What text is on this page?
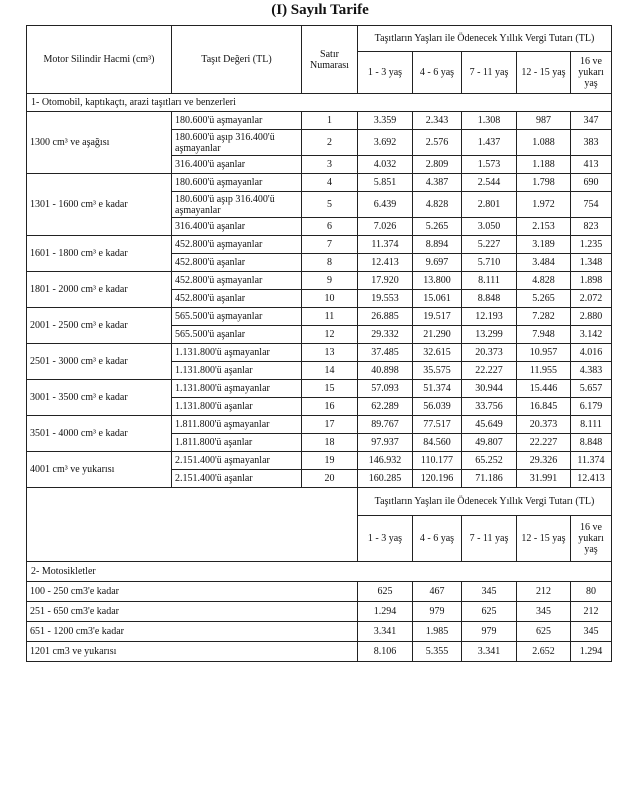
(I) Sayılı Tarife
Motor Silindir Hacmi (cm³)	Taşıt Değeri (TL)	Satır Numarası	Taşıtların Yaşları ile Ödenecek Yıllık Vergi Tutarı (TL)				
			1 - 3 yaş	4 - 6 yaş	7 - 11 yaş	12 - 15 yaş	16 ve yukarı yaş
1- Otomobil, kaptıkaçtı, arazi taşıtları ve benzerleri							
1300 cm³ ve aşağısı	180.600'ü aşmayanlar	1	3.359	2.343	1.308	987	347
	180.600'ü aşıp 316.400'ü aşmayanlar	2	3.692	2.576	1.437	1.088	383
	316.400'ü aşanlar	3	4.032	2.809	1.573	1.188	413
1301 - 1600 cm³ e kadar	180.600'ü aşmayanlar	4	5.851	4.387	2.544	1.798	690
	180.600'ü aşıp 316.400'ü aşmayanlar	5	6.439	4.828	2.801	1.972	754
	316.400'ü aşanlar	6	7.026	5.265	3.050	2.153	823
1601 - 1800 cm³ e kadar	452.800'ü aşmayanlar	7	11.374	8.894	5.227	3.189	1.235
	452.800'ü aşanlar	8	12.413	9.697	5.710	3.484	1.348
1801 - 2000 cm³ e kadar	452.800'ü aşmayanlar	9	17.920	13.800	8.111	4.828	1.898
	452.800'ü aşanlar	10	19.553	15.061	8.848	5.265	2.072
2001 - 2500 cm³ e kadar	565.500'ü aşmayanlar	11	26.885	19.517	12.193	7.282	2.880
	565.500'ü aşanlar	12	29.332	21.290	13.299	7.948	3.142
2501 - 3000 cm³ e kadar	1.131.800'ü aşmayanlar	13	37.485	32.615	20.373	10.957	4.016
	1.131.800'ü aşanlar	14	40.898	35.575	22.227	11.955	4.383
3001 - 3500 cm³ e kadar	1.131.800'ü aşmayanlar	15	57.093	51.374	30.944	15.446	5.657
	1.131.800'ü aşanlar	16	62.289	56.039	33.756	16.845	6.179
3501 - 4000 cm³ e kadar	1.811.800'ü aşmayanlar	17	89.767	77.517	45.649	20.373	8.111
	1.811.800'ü aşanlar	18	97.937	84.560	49.807	22.227	8.848
4001 cm³ ve yukarısı	2.151.400'ü aşmayanlar	19	146.932	110.177	65.252	29.326	11.374
	2.151.400'ü aşanlar	20	160.285	120.196	71.186	31.991	12.413
			Taşıtların Yaşları ile Ödenecek Yıllık Vergi Tutarı (TL)				
			1 - 3 yaş	4 - 6 yaş	7 - 11 yaş	12 - 15 yaş	16 ve yukarı yaş
2- Motosikletler							
100 - 250 cm3'e kadar			625	467	345	212	80
251 - 650 cm3'e kadar			1.294	979	625	345	212
651 - 1200 cm3'e kadar			3.341	1.985	979	625	345
1201 cm3 ve yukarısı			8.106	5.355	3.341	2.652	1.294
